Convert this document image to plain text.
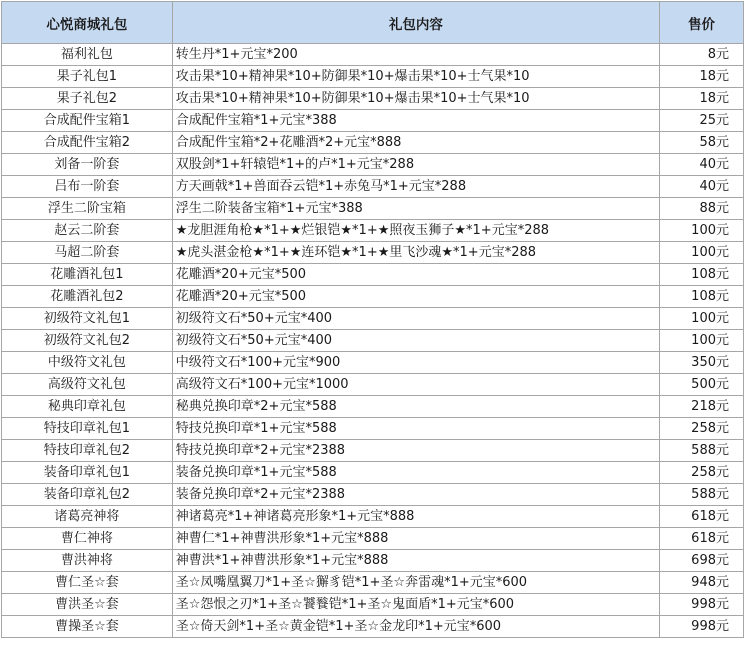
心悦商城礼包	礼包内容	售价
福利礼包	转生丹*1+元宝*200	8元
果子礼包1	攻击果*10+精神果*10+防御果*10+爆击果*10+士气果*10	18元
果子礼包2	攻击果*10+精神果*10+防御果*10+爆击果*10+士气果*10	18元
合成配件宝箱1	合成配件宝箱*1+元宝*388	25元
合成配件宝箱2	合成配件宝箱*2+花雕酒*2+元宝*888	58元
刘备一阶套	双股剑*1+轩辕铠*1+的卢*1+元宝*288	40元
吕布一阶套	方天画戟*1+兽面吞云铠*1+赤兔马*1+元宝*288	40元
浮生二阶宝箱	浮生二阶装备宝箱*1+元宝*388	88元
赵云二阶套	★龙胆涯角枪★*1+★烂银铠★*1+★照夜玉狮子★*1+元宝*288	100元
马超二阶套	★虎头湛金枪★*1+★连环铠★*1+★里飞沙魂★*1+元宝*288	100元
花雕酒礼包1	花雕酒*20+元宝*500	108元
花雕酒礼包2	花雕酒*20+元宝*500	108元
初级符文礼包1	初级符文石*50+元宝*400	100元
初级符文礼包2	初级符文石*50+元宝*400	100元
中级符文礼包	中级符文石*100+元宝*900	350元
高级符文礼包	高级符文石*100+元宝*1000	500元
秘典印章礼包	秘典兑换印章*2+元宝*588	218元
特技印章礼包1	特技兑换印章*1+元宝*588	258元
特技印章礼包2	特技兑换印章*2+元宝*2388	588元
装备印章礼包1	装备兑换印章*1+元宝*588	258元
装备印章礼包2	装备兑换印章*2+元宝*2388	588元
诸葛亮神将	神诸葛亮*1+神诸葛亮形象*1+元宝*888	618元
曹仁神将	神曹仁*1+神曹洪形象*1+元宝*888	618元
曹洪神将	神曹洪*1+神曹洪形象*1+元宝*888	698元
曹仁圣☆套	圣☆凤嘴凰翼刀*1+圣☆獬豸铠*1+圣☆奔雷魂*1+元宝*600	948元
曹洪圣☆套	圣☆怨恨之刃*1+圣☆饕餮铠*1+圣☆鬼面盾*1+元宝*600	998元
曹操圣☆套	圣☆倚天剑*1+圣☆黄金铠*1+圣☆金龙印*1+元宝*600	998元
